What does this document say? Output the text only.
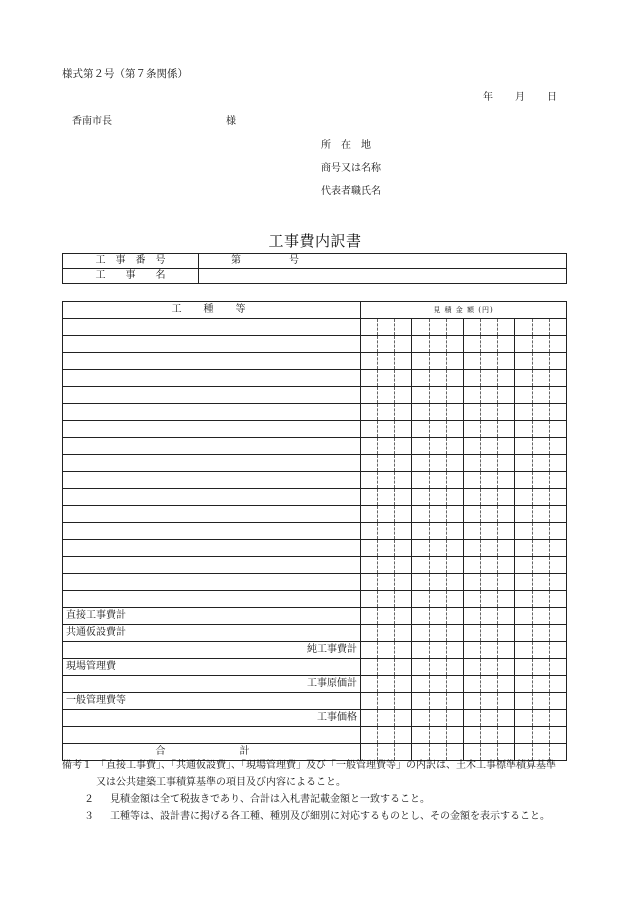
様式第２号（第７条関係）
年 月 日
香南市長	様
所　在　地
商号又は名称
代表者職氏名
工事費内訳書
工　事　番　号	第 号
工　　事　　名	
工　種　等	見 積 金 額 (円)											

直接工事費計												
共通仮設費計												
純工事費計												
現場管理費												
工事原価計												
一般管理費等												
工事価格												

合　　計												
備考１ 「直接工事費」、「共通仮設費」、「現場管理費」及び「一般管理費等」の内訳は、土木工事標準積算基準
又は公共建築工事積算基準の項目及び内容によること。
２ 見積金額は全て税抜きであり、合計は入札書記載金額と一致すること。
３ 工種等は、設計書に掲げる各工種、種別及び細別に対応するものとし、その金額を表示すること。
